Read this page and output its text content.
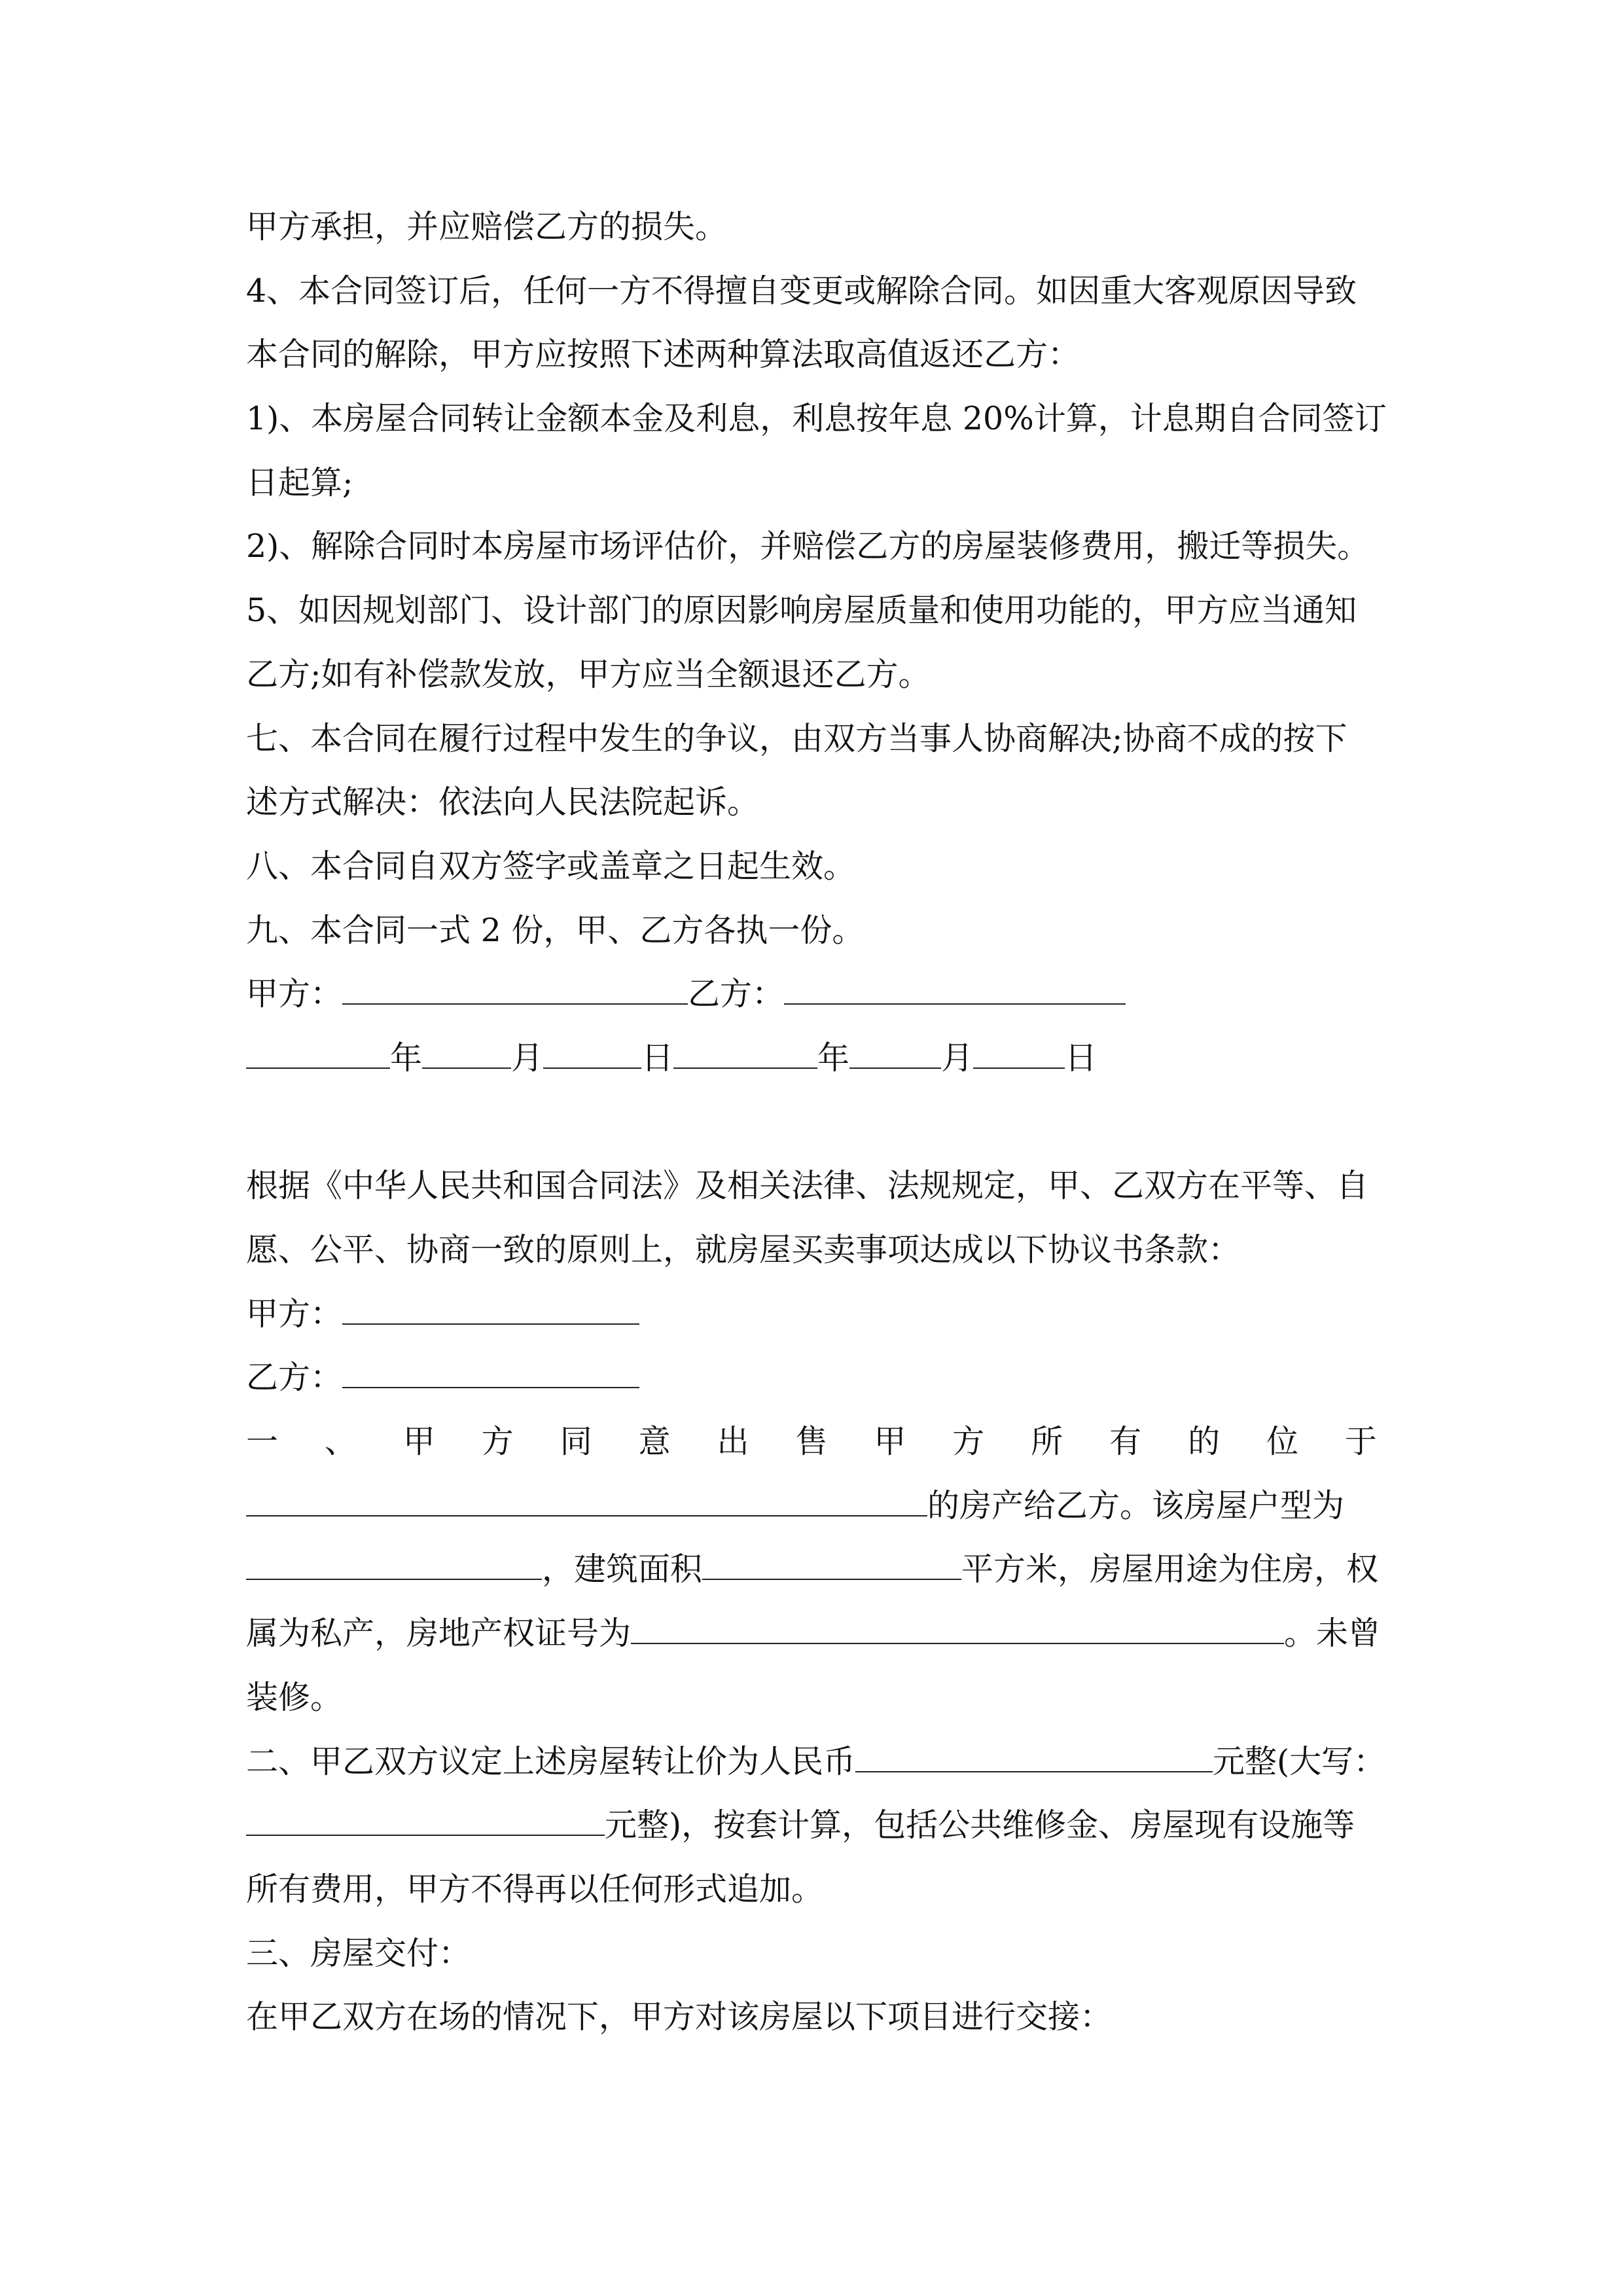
甲方承担，并应赔偿乙方的损失。
4、本合同签订后，任何一方不得擅自变更或解除合同。如因重大客观原因导致
本合同的解除，甲方应按照下述两种算法取高值返还乙方：
1)、本房屋合同转让金额本金及利息，利息按年息 20%计算，计息期自合同签订
日起算;
2)、解除合同时本房屋市场评估价，并赔偿乙方的房屋装修费用，搬迁等损失。
5、如因规划部门、设计部门的原因影响房屋质量和使用功能的，甲方应当通知
乙方;如有补偿款发放，甲方应当全额退还乙方。
七、本合同在履行过程中发生的争议，由双方当事人协商解决;协商不成的按下
述方式解决：依法向人民法院起诉。
八、本合同自双方签字或盖章之日起生效。
九、本合同一式 2 份，甲、乙方各执一份。
甲方：	乙方：
年	月	日	年	月	日
根据《中华人民共和国合同法》及相关法律、法规规定，甲、乙双方在平等、自
愿、公平、协商一致的原则上，就房屋买卖事项达成以下协议书条款：
甲方：
乙方：
一 、 甲 方 同 意 出 售 甲 方 所 有 的 位 于
的房产给乙方。该房屋户型为
，建筑面积	平方米，房屋用途为住房，权
属为私产，房地产权证号为	。未曾
装修。
二、甲乙双方议定上述房屋转让价为人民币	元整(大写：
元整)，按套计算，包括公共维修金、房屋现有设施等
所有费用，甲方不得再以任何形式追加。
三、房屋交付：
在甲乙双方在场的情况下，甲方对该房屋以下项目进行交接：
